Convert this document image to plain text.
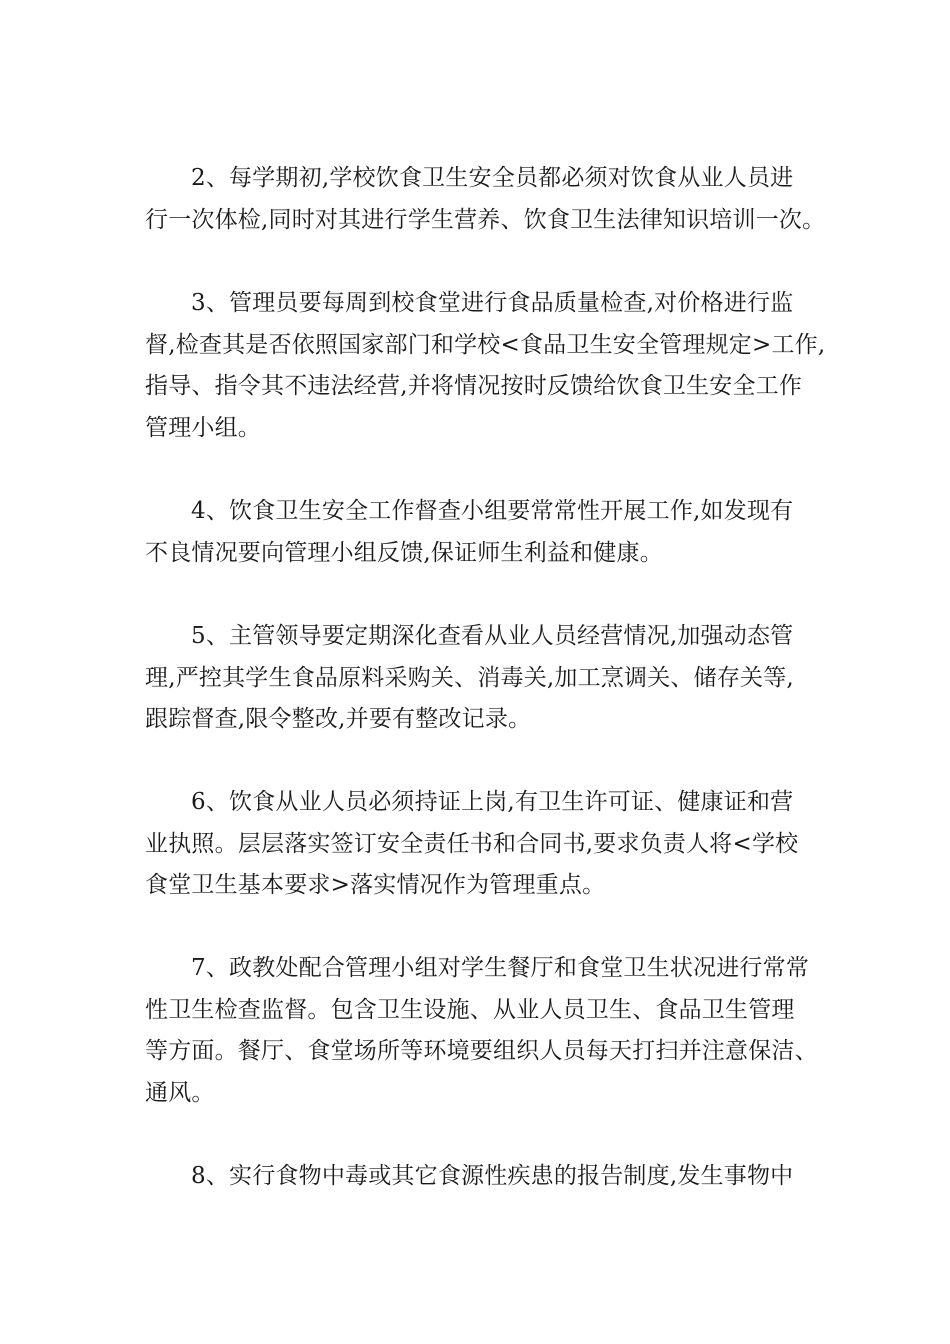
2、每学期初,学校饮食卫生安全员都必须对饮食从业人员进
行一次体检,同时对其进行学生营养、饮食卫生法律知识培训一次。
3、管理员要每周到校食堂进行食品质量检查,对价格进行监
督,检查其是否依照国家部门和学校<食品卫生安全管理规定>工作,
指导、指令其不违法经营,并将情况按时反馈给饮食卫生安全工作
管理小组。
4、饮食卫生安全工作督查小组要常常性开展工作,如发现有
不良情况要向管理小组反馈,保证师生利益和健康。
5、主管领导要定期深化查看从业人员经营情况,加强动态管
理,严控其学生食品原料采购关、消毒关,加工烹调关、储存关等,
跟踪督查,限令整改,并要有整改记录。
6、饮食从业人员必须持证上岗,有卫生许可证、健康证和营
业执照。层层落实签订安全责任书和合同书,要求负责人将<学校
食堂卫生基本要求>落实情况作为管理重点。
7、政教处配合管理小组对学生餐厅和食堂卫生状况进行常常
性卫生检查监督。包含卫生设施、从业人员卫生、食品卫生管理
等方面。餐厅、食堂场所等环境要组织人员每天打扫并注意保洁、
通风。
8、实行食物中毒或其它食源性疾患的报告制度,发生事物中
